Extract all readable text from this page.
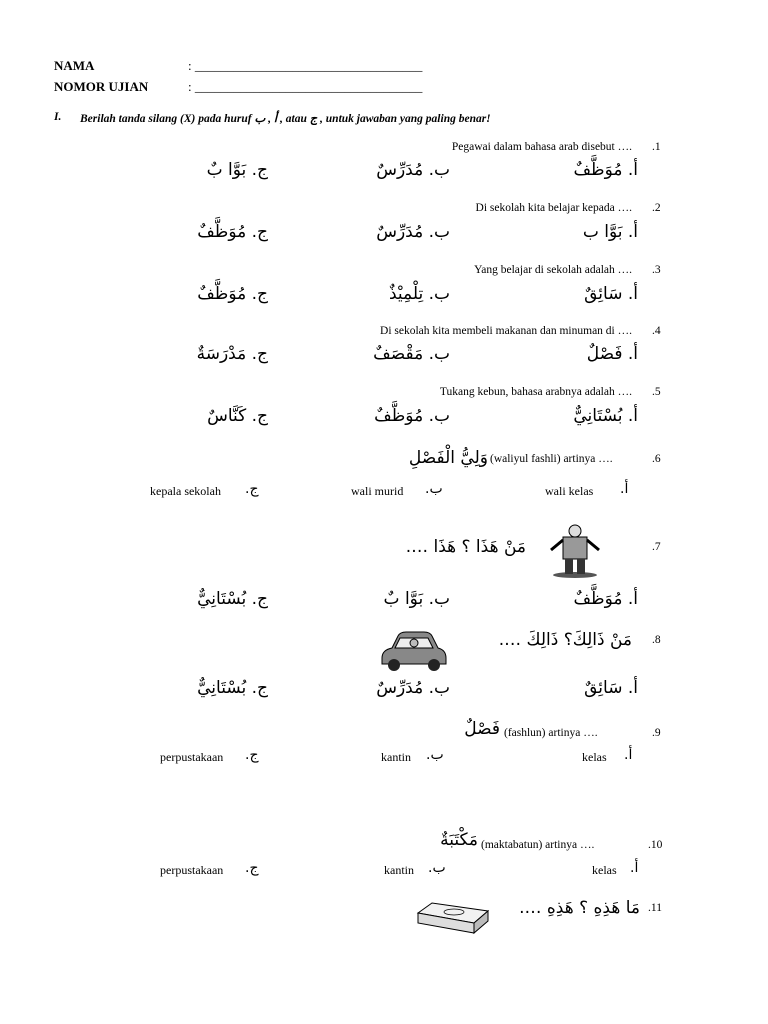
NAMA	: ___________________________________
NOMOR UJIAN	: ___________________________________
I. Berilah tanda silang (X) pada huruf أ , ب , atau ج , untuk jawaban yang paling benar!
Pegawai dalam bahasa arab disebut …. .1
أ. مُوَظَّفٌ
ب. مُدَرِّسٌ
ج. بَوَّا بٌ
Di sekolah kita belajar kepada …. .2
أ. بَوَّا ب
ب. مُدَرِّسٌ
ج. مُوَظَّفٌ
Yang belajar di sekolah adalah …. .3
أ. سَائِقٌ
ب. تِلْمِيْذٌ
ج. مُوَظَّفٌ
Di sekolah kita membeli makanan dan minuman di …. .4
أ. فَصْلٌ
ب. مَقْصَفٌ
ج. مَدْرَسَةٌ
Tukang kebun, bahasa arabnya adalah …. .5
أ. بُسْتَانِيٌّ
ب. مُوَظَّفٌ
ج. كَنَّاسٌ
وَلِيُّ الْفَصْلِ (waliyul fashli) artinya ….	.6
أ.
wali kelas
ب.
wali murid
ج.
kepala sekolah
مَنْ هَذَا ؟ هَذَا ….	.7
أ. مُوَظَّفٌ
ب. بَوَّا بٌ
ج. بُسْتَانِيٌّ
مَنْ ذَالِكَ؟ ذَالِكَ …. .8
أ. سَائِقٌ
ب. مُدَرِّسٌ
ج. بُسْتَانِيٌّ
فَصْلٌ (fashlun) artinya ….	.9
أ.
kelas
ب.
kantin
ج.
perpustakaan
مَكْتَبَةٌ (maktabatun) artinya ….	.10
أ.
kelas
ب.
kantin
ج.
perpustakaan
مَا هَذِهِ ؟ هَذِهِ …. .11
